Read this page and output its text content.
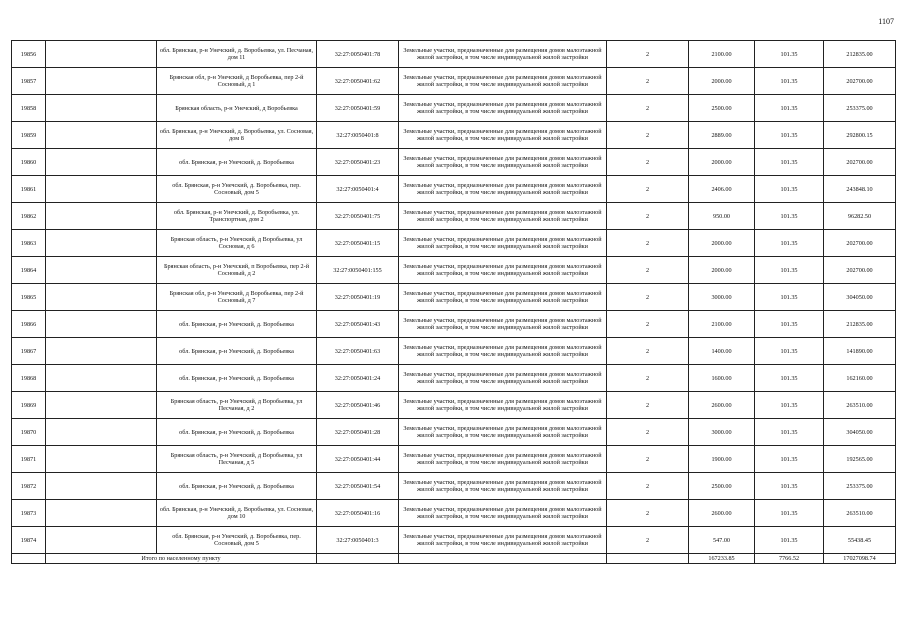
1107
19856		обл. Брянская, р-н Унечский, д. Воробьевка, ул. Песчаная, дом 11	32:27:0050401:78	Земельные участки, предназначенные для размещения домов малоэтажной жилой застройки, в том числе индивидуальной жилой застройки	2	2100.00	101.35	212835.00
19857		Брянская обл, р-н Унечский, д Воробьевка, пер 2-й Сосновый, д 1	32:27:0050401:62	Земельные участки, предназначенные для размещения домов малоэтажной жилой застройки, в том числе индивидуальной жилой застройки	2	2000.00	101.35	202700.00
19858		Брянская область, р-н Унечский, д Воробьевка	32:27:0050401:59	Земельные участки, предназначенные для размещения домов малоэтажной жилой застройки, в том числе индивидуальной жилой застройки	2	2500.00	101.35	253375.00
19859		обл. Брянская, р-н Унечский, д. Воробьевка, ул. Сосновая, дом 8	32:27:0050401:8	Земельные участки, предназначенные для размещения домов малоэтажной жилой застройки, в том числе индивидуальной жилой застройки	2	2889.00	101.35	292800.15
19860		обл. Брянская, р-н Унечский, д. Воробьевка	32:27:0050401:23	Земельные участки, предназначенные для размещения домов малоэтажной жилой застройки, в том числе индивидуальной жилой застройки	2	2000.00	101.35	202700.00
19861		обл. Брянская, р-н Унечский, д. Воробьевка, пер. Сосновый, дом 5	32:27:0050401:4	Земельные участки, предназначенные для размещения домов малоэтажной жилой застройки, в том числе индивидуальной жилой застройки	2	2406.00	101.35	243848.10
19862		обл. Брянская, р-н Унечский, д. Воробьевка, ул. Транспортная, дом 2	32:27:0050401:75	Земельные участки, предназначенные для размещения домов малоэтажной жилой застройки, в том числе индивидуальной жилой застройки	2	950.00	101.35	96282.50
19863		Брянская область, р-н Унечский, д Воробьевка, ул Сосновая, д 6	32:27:0050401:15	Земельные участки, предназначенные для размещения домов малоэтажной жилой застройки, в том числе индивидуальной жилой застройки	2	2000.00	101.35	202700.00
19864		Брянская область, р-н Унечский, п Воробьевка, пер 2-й Сосновый, д 2	32:27:0050401:155	Земельные участки, предназначенные для размещения домов малоэтажной жилой застройки, в том числе индивидуальной жилой застройки	2	2000.00	101.35	202700.00
19865		Брянская обл, р-н Унечский, д Воробьевка, пер 2-й Сосновый, д 7	32:27:0050401:19	Земельные участки, предназначенные для размещения домов малоэтажной жилой застройки, в том числе индивидуальной жилой застройки	2	3000.00	101.35	304050.00
19866		обл. Брянская, р-н Унечский, д. Воробьевка	32:27:0050401:43	Земельные участки, предназначенные для размещения домов малоэтажной жилой застройки, в том числе индивидуальной жилой застройки	2	2100.00	101.35	212835.00
19867		обл. Брянская, р-н Унечский, д. Воробьевка	32:27:0050401:63	Земельные участки, предназначенные для размещения домов малоэтажной жилой застройки, в том числе индивидуальной жилой застройки	2	1400.00	101.35	141890.00
19868		обл. Брянская, р-н Унечский, д. Воробьевка	32:27:0050401:24	Земельные участки, предназначенные для размещения домов малоэтажной жилой застройки, в том числе индивидуальной жилой застройки	2	1600.00	101.35	162160.00
19869		Брянская область, р-н Унечский, д Воробьевка, ул Песчаная, д 2	32:27:0050401:46	Земельные участки, предназначенные для размещения домов малоэтажной жилой застройки, в том числе индивидуальной жилой застройки	2	2600.00	101.35	263510.00
19870		обл. Брянская, р-н Унечский, д. Воробьевка	32:27:0050401:28	Земельные участки, предназначенные для размещения домов малоэтажной жилой застройки, в том числе индивидуальной жилой застройки	2	3000.00	101.35	304050.00
19871		Брянская область, р-н Унечский, д Воробьевка, ул Песчаная, д 5	32:27:0050401:44	Земельные участки, предназначенные для размещения домов малоэтажной жилой застройки, в том числе индивидуальной жилой застройки	2	1900.00	101.35	192565.00
19872		обл. Брянская, р-н Унечский, д. Воробьевка	32:27:0050401:54	Земельные участки, предназначенные для размещения домов малоэтажной жилой застройки, в том числе индивидуальной жилой застройки	2	2500.00	101.35	253375.00
19873		обл. Брянская, р-н Унечский, д. Воробьевка, ул. Сосновая, дом 10	32:27:0050401:16	Земельные участки, предназначенные для размещения домов малоэтажной жилой застройки, в том числе индивидуальной жилой застройки	2	2600.00	101.35	263510.00
19874		обл. Брянская, р-н Унечский, д. Воробьевка, пер. Сосновый, дом 5	32:27:0050401:3	Земельные участки, предназначенные для размещения домов малоэтажной жилой застройки, в том числе индивидуальной жилой застройки	2	547.00	101.35	55438.45
	Итого по населенному пункту					167233.85	7766.52	17027098.74
